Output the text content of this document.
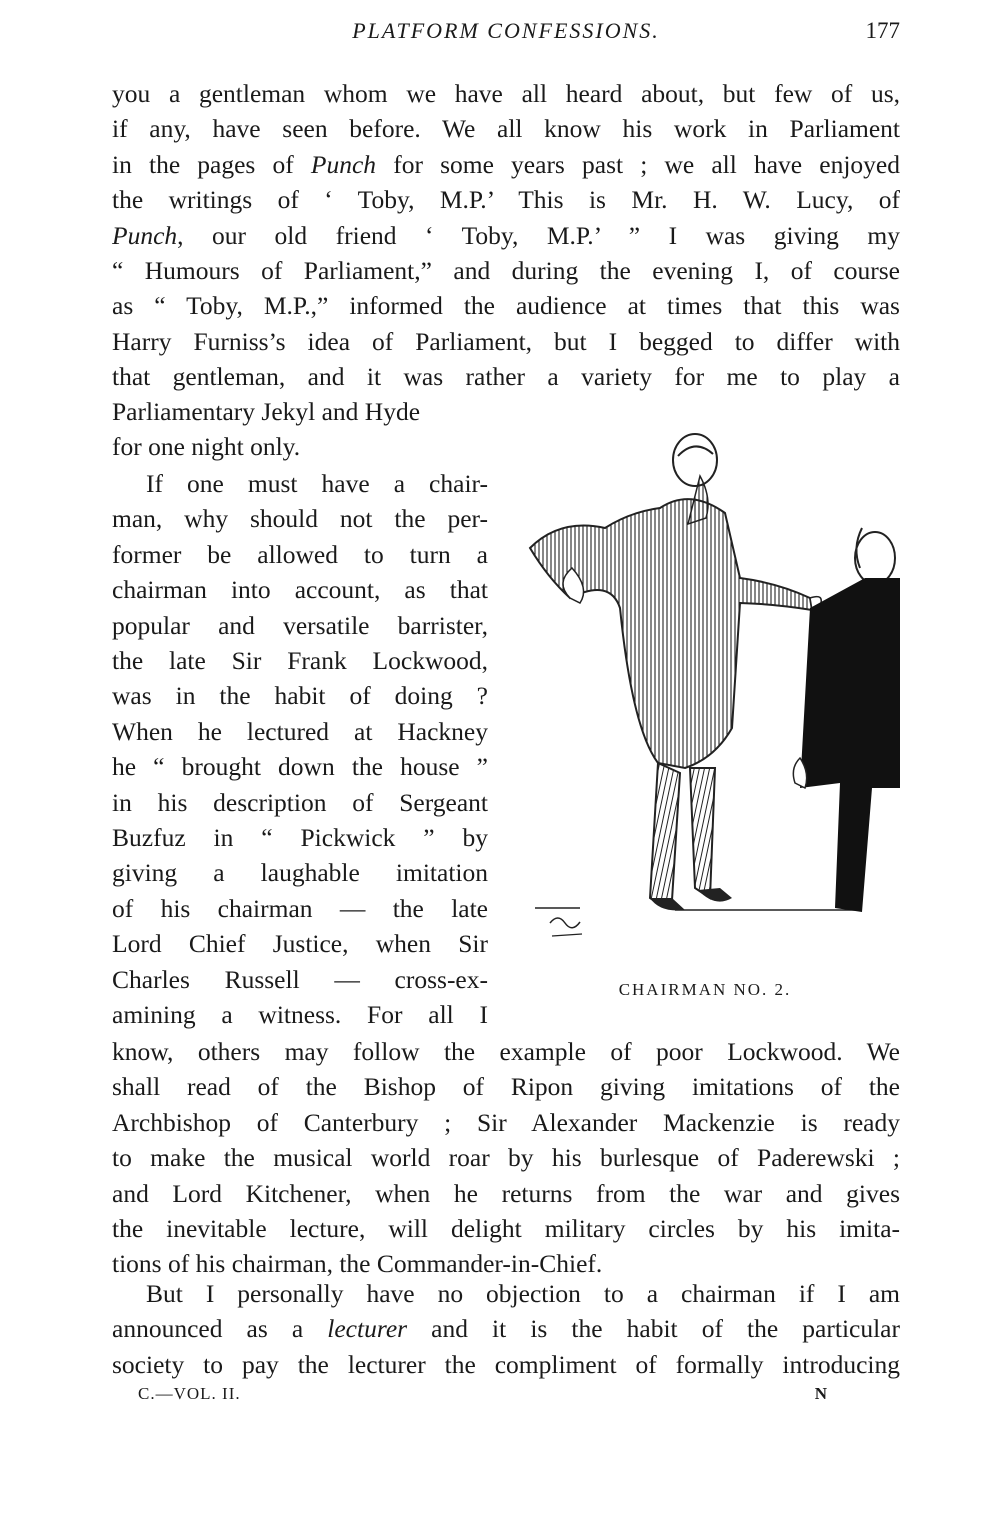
PLATFORM CONFESSIONS.	177
you a gentleman whom we have all heard about, but few of us,
if any, have seen before. We all know his work in Parliament
in the pages of Punch for some years past ; we all have enjoyed
the writings of ‘ Toby, M.P.’ This is Mr. H. W. Lucy, of
Punch, our old friend ‘ Toby, M.P.’ ” I was giving my
“ Humours of Parliament,” and during the evening I, of course
as “ Toby, M.P.,” informed the audience at times that this was
Harry Furniss’s idea of Parliament, but I begged to differ with
that gentleman, and it was rather a variety for me to play a
Parliamentary Jekyl and Hyde
for one night only.
If one must have a chair-
man, why should not the per-
former be allowed to turn a
chairman into account, as that
popular and versatile barrister,
the late Sir Frank Lockwood,
was in the habit of doing ?
When he lectured at Hackney
he “ brought down the house ”
in his description of Sergeant
Buzfuz in “ Pickwick ” by
giving a laughable imitation
of his chairman — the late
Lord Chief Justice, when Sir
Charles Russell — cross-ex-
amining a witness. For all I
know, others may follow the example of poor Lockwood. We
shall read of the Bishop of Ripon giving imitations of the
Archbishop of Canterbury ; Sir Alexander Mackenzie is ready
to make the musical world roar by his burlesque of Paderewski ;
and Lord Kitchener, when he returns from the war and gives
the inevitable lecture, will delight military circles by his imita-
tions of his chairman, the Commander-in-Chief.
But I personally have no objection to a chairman if I am
announced as a lecturer and it is the habit of the particular
society to pay the lecturer the compliment of formally introducing
CHAIRMAN NO. 2.
C.—VOL. II.	N
